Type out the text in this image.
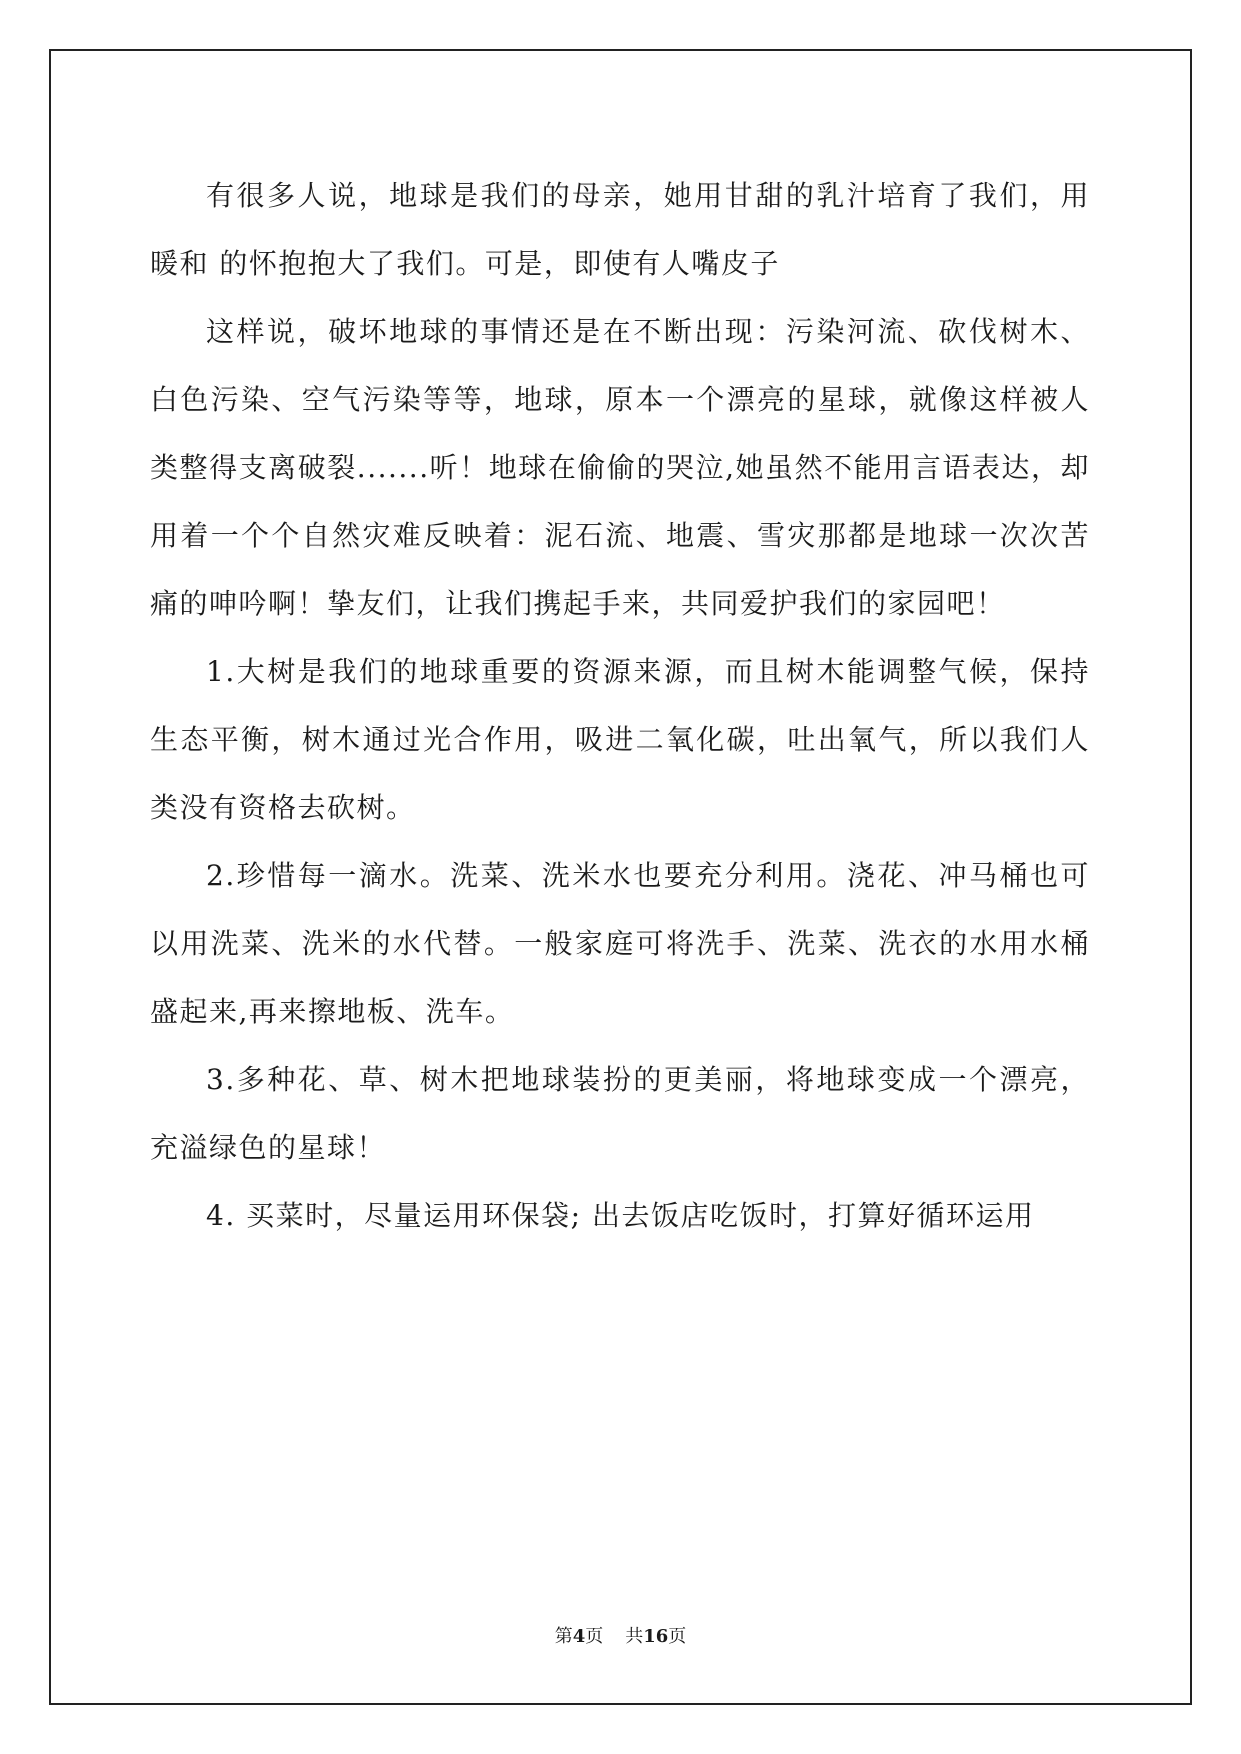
有很多人说，地球是我们的母亲，她用甘甜的乳汁培育了我们，用暖和 的怀抱抱大了我们。可是，即使有人嘴皮子

这样说，破坏地球的事情还是在不断出现：污染河流、砍伐树木、白色污染、空气污染等等，地球，原本一个漂亮的星球，就像这样被人类整得支离破裂.......听！地球在偷偷的哭泣,她虽然不能用言语表达，却用着一个个自然灾难反映着：泥石流、地震、雪灾那都是地球一次次苦痛的呻吟啊！挚友们，让我们携起手来，共同爱护我们的家园吧！

1.大树是我们的地球重要的资源来源，而且树木能调整气候，保持生态平衡，树木通过光合作用，吸进二氧化碳，吐出氧气，所以我们人类没有资格去砍树。

2.珍惜每一滴水。洗菜、洗米水也要充分利用。浇花、冲马桶也可以用洗菜、洗米的水代替。一般家庭可将洗手、洗菜、洗衣的水用水桶盛起来,再来擦地板、洗车。

3.多种花、草、树木把地球装扮的更美丽，将地球变成一个漂亮，充溢绿色的星球！

4. 买菜时，尽量运用环保袋; 出去饭店吃饭时，打算好循环运用

第4页 共16页
